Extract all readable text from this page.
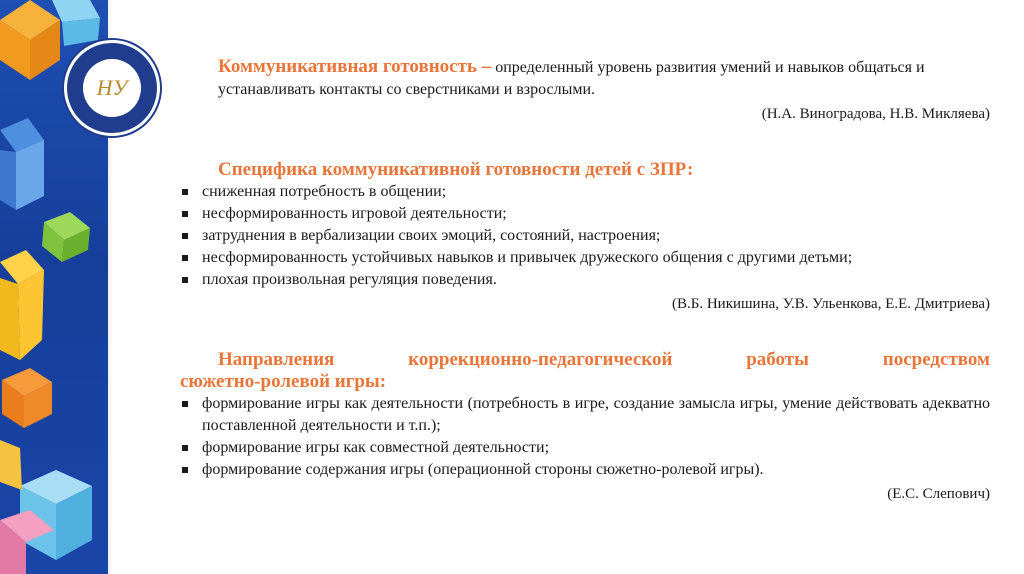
НУ
Коммуникативная готовность – определенный уровень развития умений и навыков общаться и устанавливать контакты со сверстниками и взрослыми.
(Н.А. Виноградова, Н.В. Микляева)
Специфика коммуникативной готовности детей с ЗПР:
сниженная потребность в общении;
несформированность игровой деятельности;
затруднения в вербализации своих эмоций, состояний, настроения;
несформированность устойчивых навыков и привычек дружеского общения с другими детьми;
плохая произвольная регуляция поведения.
(В.Б. Никишина, У.В. Ульенкова, Е.Е. Дмитриева)
Направления коррекционно-педагогической работы посредством
сюжетно-ролевой игры:
формирование игры как деятельности (потребность в игре, создание замысла игры, умение действовать адекватно поставленной деятельности и т.п.);
формирование игры как совместной деятельности;
формирование содержания игры (операционной стороны сюжетно-ролевой игры).
(Е.С. Слепович)
